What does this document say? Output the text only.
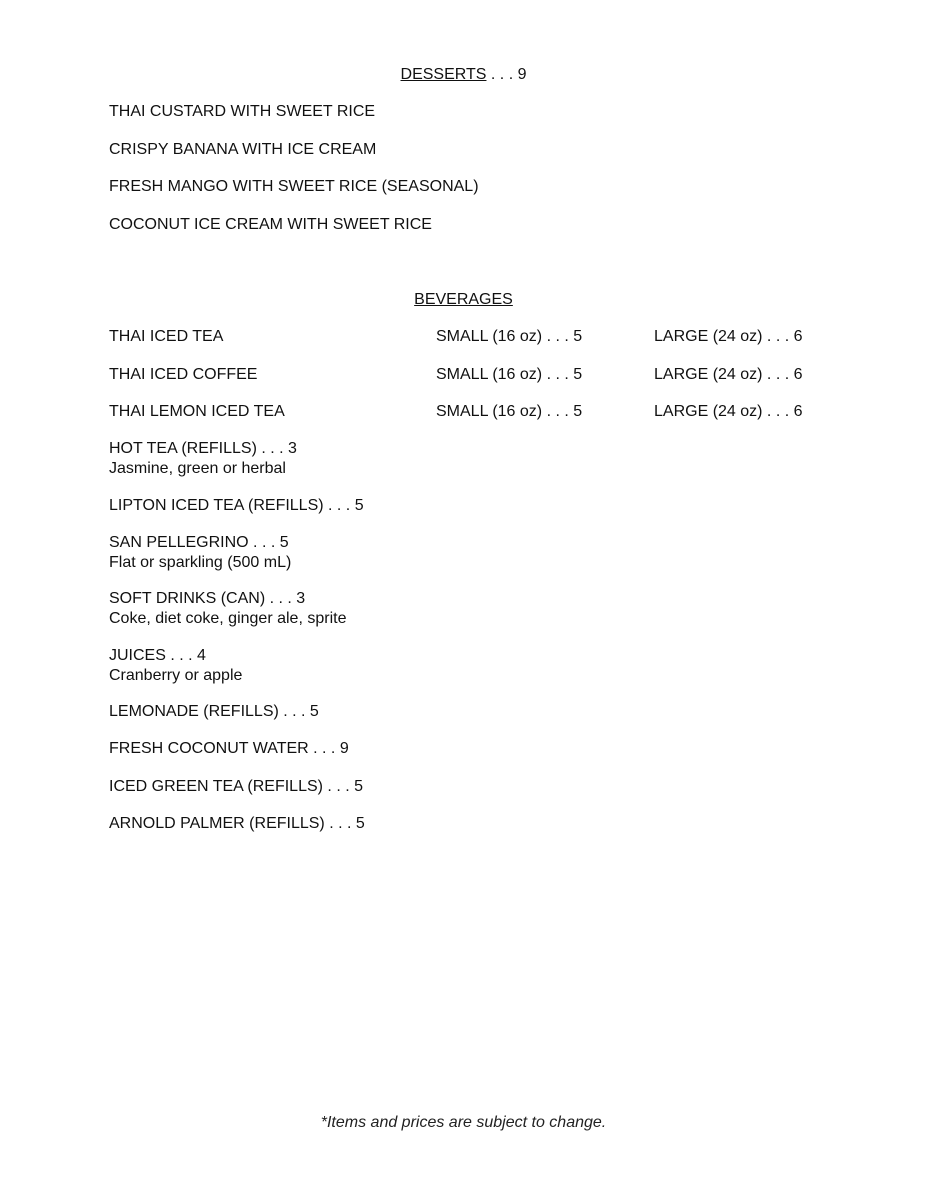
DESSERTS . . . 9
THAI CUSTARD WITH SWEET RICE
CRISPY BANANA WITH ICE CREAM
FRESH MANGO WITH SWEET RICE (SEASONAL)
COCONUT ICE CREAM WITH SWEET RICE
BEVERAGES
THAI ICED TEA	SMALL (16 oz) . . . 5	LARGE (24 oz) . . . 6
THAI ICED COFFEE	SMALL (16 oz) . . . 5	LARGE (24 oz) . . . 6
THAI LEMON ICED TEA	SMALL (16 oz) . . . 5	LARGE (24 oz) . . . 6
HOT TEA (REFILLS) . . . 3
Jasmine, green or herbal
LIPTON ICED TEA (REFILLS) . . . 5
SAN PELLEGRINO . . . 5
Flat or sparkling (500 mL)
SOFT DRINKS (CAN) . . . 3
Coke, diet coke, ginger ale, sprite
JUICES . . . 4
Cranberry or apple
LEMONADE (REFILLS) . . . 5
FRESH COCONUT WATER . . . 9
ICED GREEN TEA (REFILLS) . . . 5
ARNOLD PALMER (REFILLS) . . . 5
*Items and prices are subject to change.
